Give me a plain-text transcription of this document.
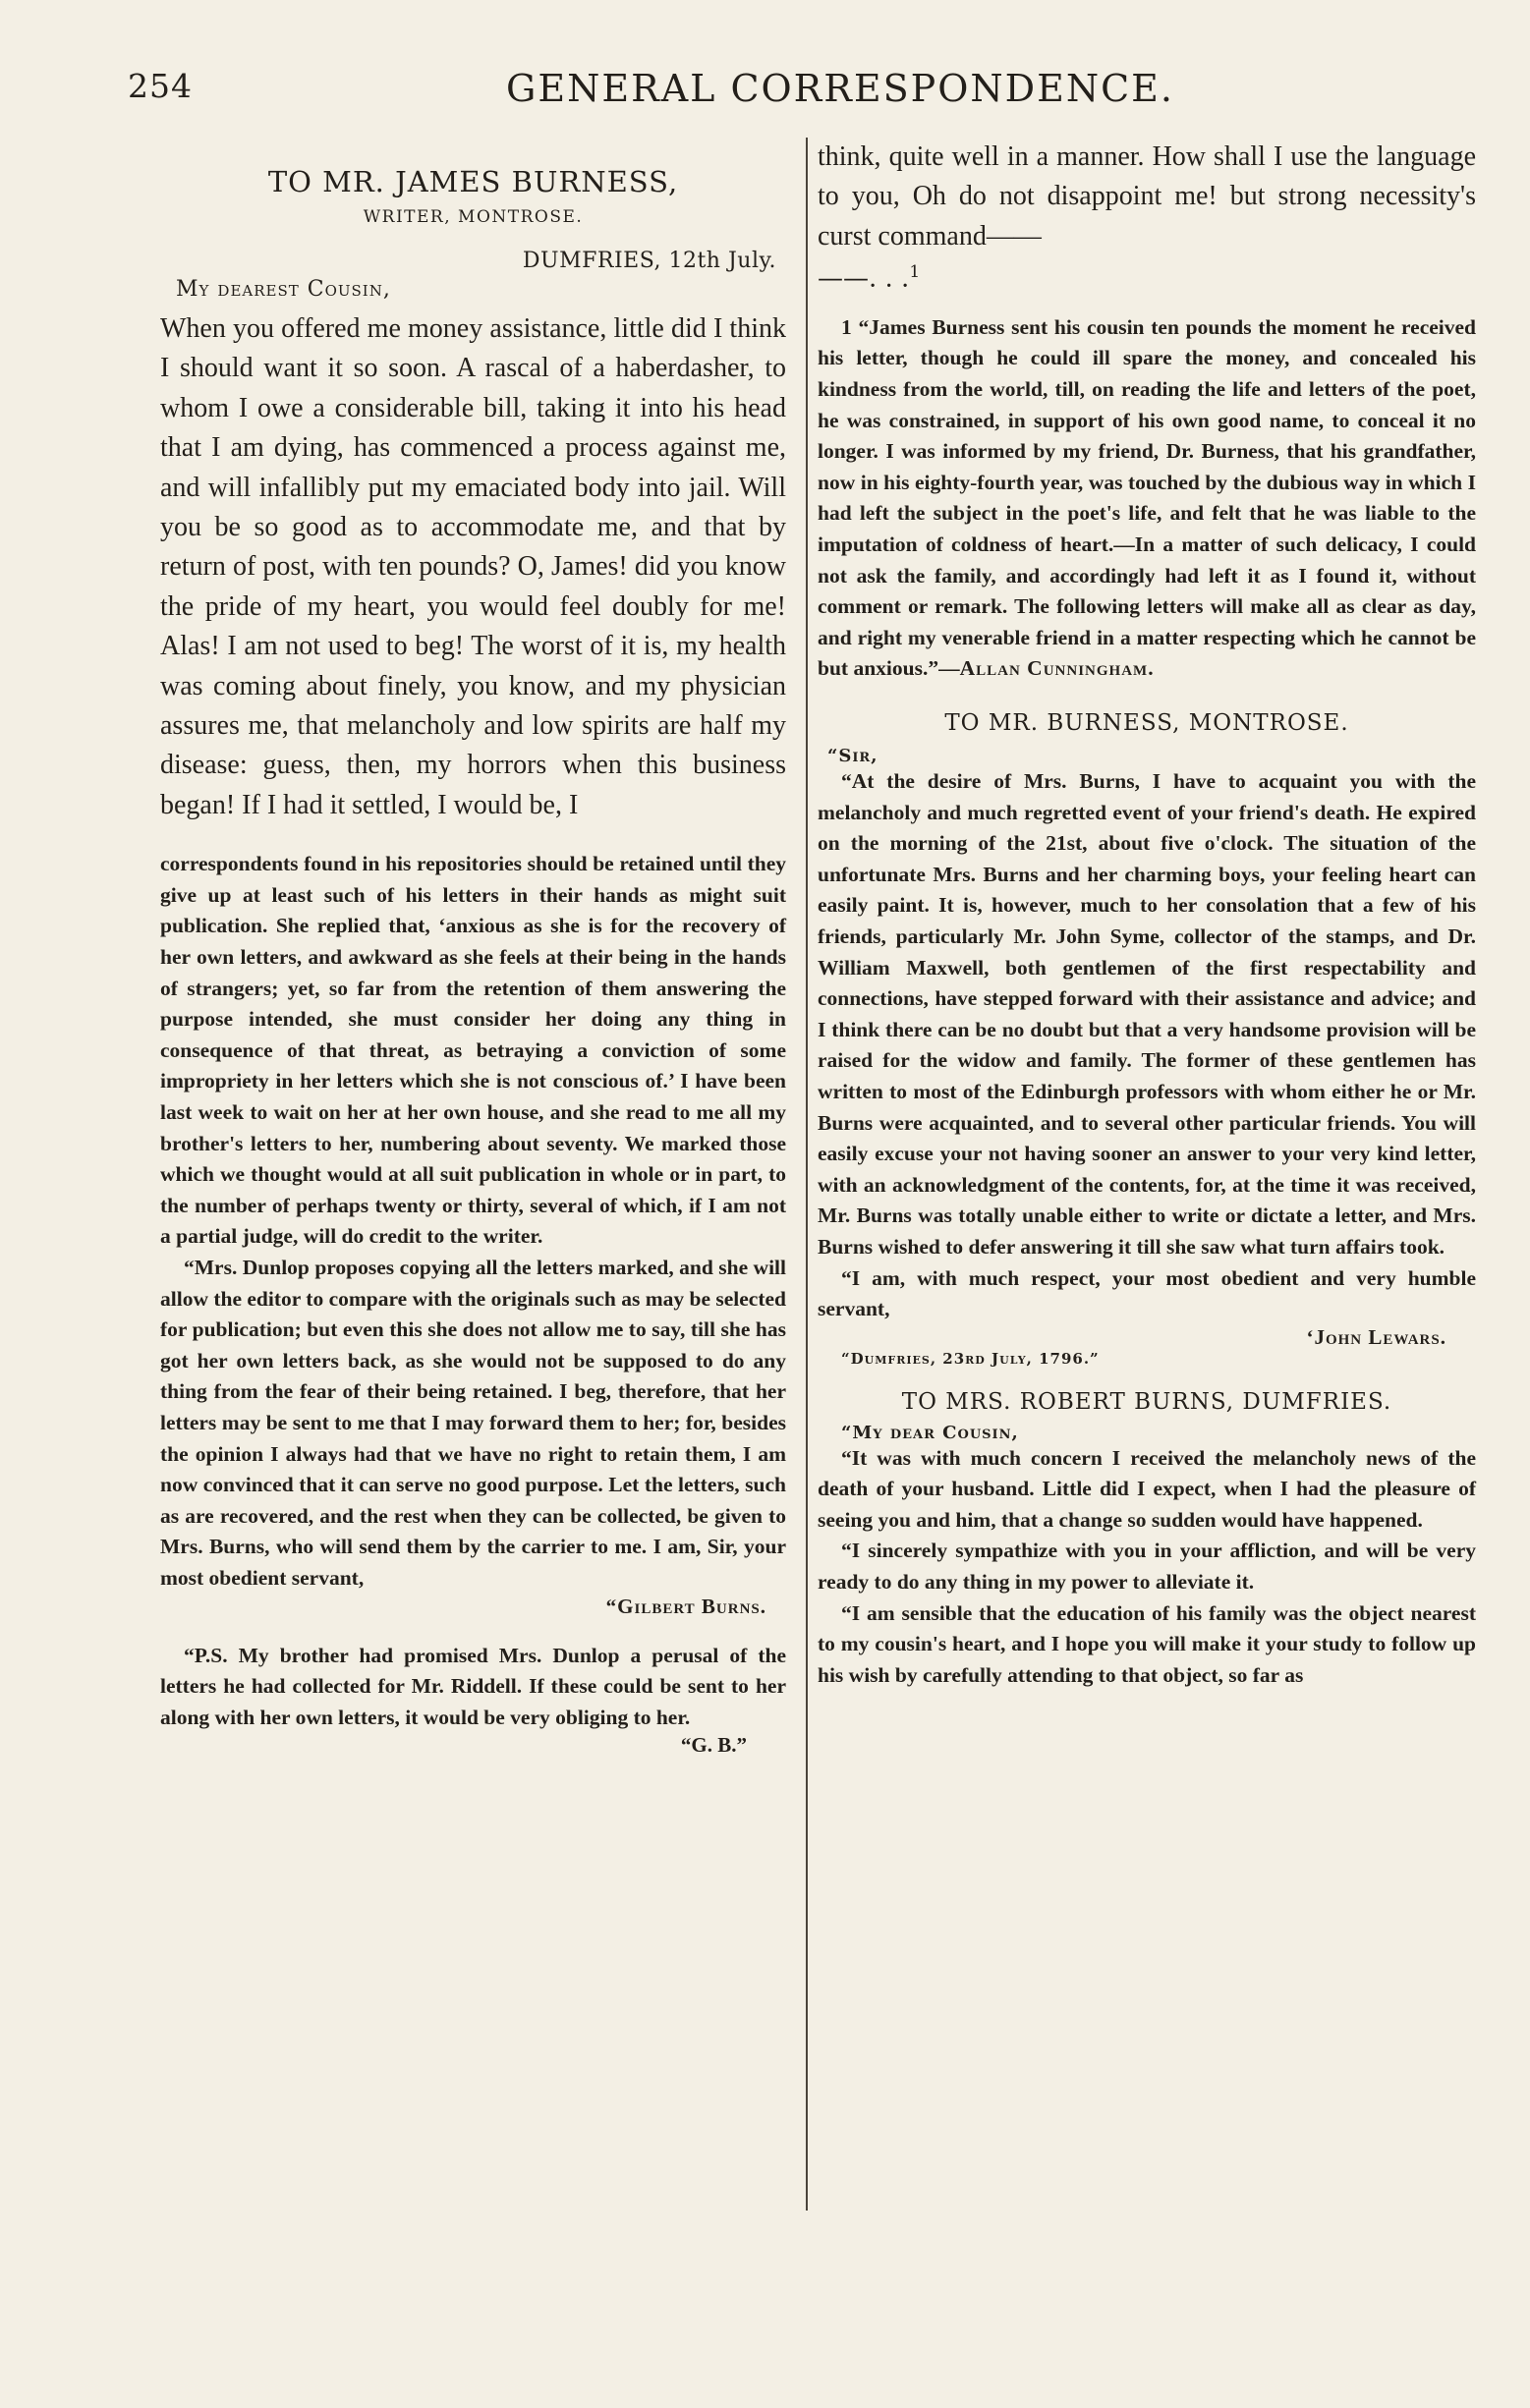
254	GENERAL CORRESPONDENCE.

TO MR. JAMES BURNESS,

WRITER, MONTROSE.

DUMFRIES, 12th July.

My dearest Cousin,

When you offered me money assistance, little did I think I should want it so soon. A rascal of a haberdasher, to whom I owe a considerable bill, taking it into his head that I am dying, has commenced a process against me, and will infallibly put my emaciated body into jail. Will you be so good as to accommodate me, and that by return of post, with ten pounds? O, James! did you know the pride of my heart, you would feel doubly for me! Alas! I am not used to beg! The worst of it is, my health was coming about finely, you know, and my physician assures me, that melancholy and low spirits are half my disease: guess, then, my horrors when this business began! If I had it settled, I would be, I

correspondents found in his repositories should be retained until they give up at least such of his letters in their hands as might suit publication. She replied that, ‘anxious as she is for the recovery of her own letters, and awkward as she feels at their being in the hands of strangers; yet, so far from the retention of them answering the purpose intended, she must consider her doing any thing in consequence of that threat, as betraying a conviction of some impropriety in her letters which she is not conscious of.’ I have been last week to wait on her at her own house, and she read to me all my brother's letters to her, numbering about seventy. We marked those which we thought would at all suit publication in whole or in part, to the number of perhaps twenty or thirty, several of which, if I am not a partial judge, will do credit to the writer.

“Mrs. Dunlop proposes copying all the letters marked, and she will allow the editor to compare with the originals such as may be selected for publication; but even this she does not allow me to say, till she has got her own letters back, as she would not be supposed to do any thing from the fear of their being retained. I beg, therefore, that her letters may be sent to me that I may forward them to her; for, besides the opinion I always had that we have no right to retain them, I am now convinced that it can serve no good purpose. Let the letters, such as are recovered, and the rest when they can be collected, be given to Mrs. Burns, who will send them by the carrier to me. I am, Sir, your most obedient servant,

“Gilbert Burns.

“P.S. My brother had promised Mrs. Dunlop a perusal of the letters he had collected for Mr. Riddell. If these could be sent to her along with her own letters, it would be very obliging to her.

“G. B.”

think, quite well in a manner. How shall I use the language to you, Oh do not disappoint me! but strong necessity's curst command——

——. . .$^1$

1 “James Burness sent his cousin ten pounds the moment he received his letter, though he could ill spare the money, and concealed his kindness from the world, till, on reading the life and letters of the poet, he was constrained, in support of his own good name, to conceal it no longer. I was informed by my friend, Dr. Burness, that his grandfather, now in his eighty-fourth year, was touched by the dubious way in which I had left the subject in the poet's life, and felt that he was liable to the imputation of coldness of heart.—In a matter of such delicacy, I could not ask the family, and accordingly had left it as I found it, without comment or remark. The following letters will make all as clear as day, and right my venerable friend in a matter respecting which he cannot be but anxious.”—Allan Cunningham.

TO MR. BURNESS, MONTROSE.

“Sir,

“At the desire of Mrs. Burns, I have to acquaint you with the melancholy and much regretted event of your friend's death. He expired on the morning of the 21st, about five o'clock. The situation of the unfortunate Mrs. Burns and her charming boys, your feeling heart can easily paint. It is, however, much to her consolation that a few of his friends, particularly Mr. John Syme, collector of the stamps, and Dr. William Maxwell, both gentlemen of the first respectability and connections, have stepped forward with their assistance and advice; and I think there can be no doubt but that a very handsome provision will be raised for the widow and family. The former of these gentlemen has written to most of the Edinburgh professors with whom either he or Mr. Burns were acquainted, and to several other particular friends. You will easily excuse your not having sooner an answer to your very kind letter, with an acknowledgment of the contents, for, at the time it was received, Mr. Burns was totally unable either to write or dictate a letter, and Mrs. Burns wished to defer answering it till she saw what turn affairs took.

“I am, with much respect, your most obedient and very humble servant,

‘John Lewars.

“Dumfries, 23rd July, 1796.”

TO MRS. ROBERT BURNS, DUMFRIES.

“My dear Cousin,

“It was with much concern I received the melancholy news of the death of your husband. Little did I expect, when I had the pleasure of seeing you and him, that a change so sudden would have happened.

“I sincerely sympathize with you in your affliction, and will be very ready to do any thing in my power to alleviate it.

“I am sensible that the education of his family was the object nearest to my cousin's heart, and I hope you will make it your study to follow up his wish by carefully attending to that object, so far as
